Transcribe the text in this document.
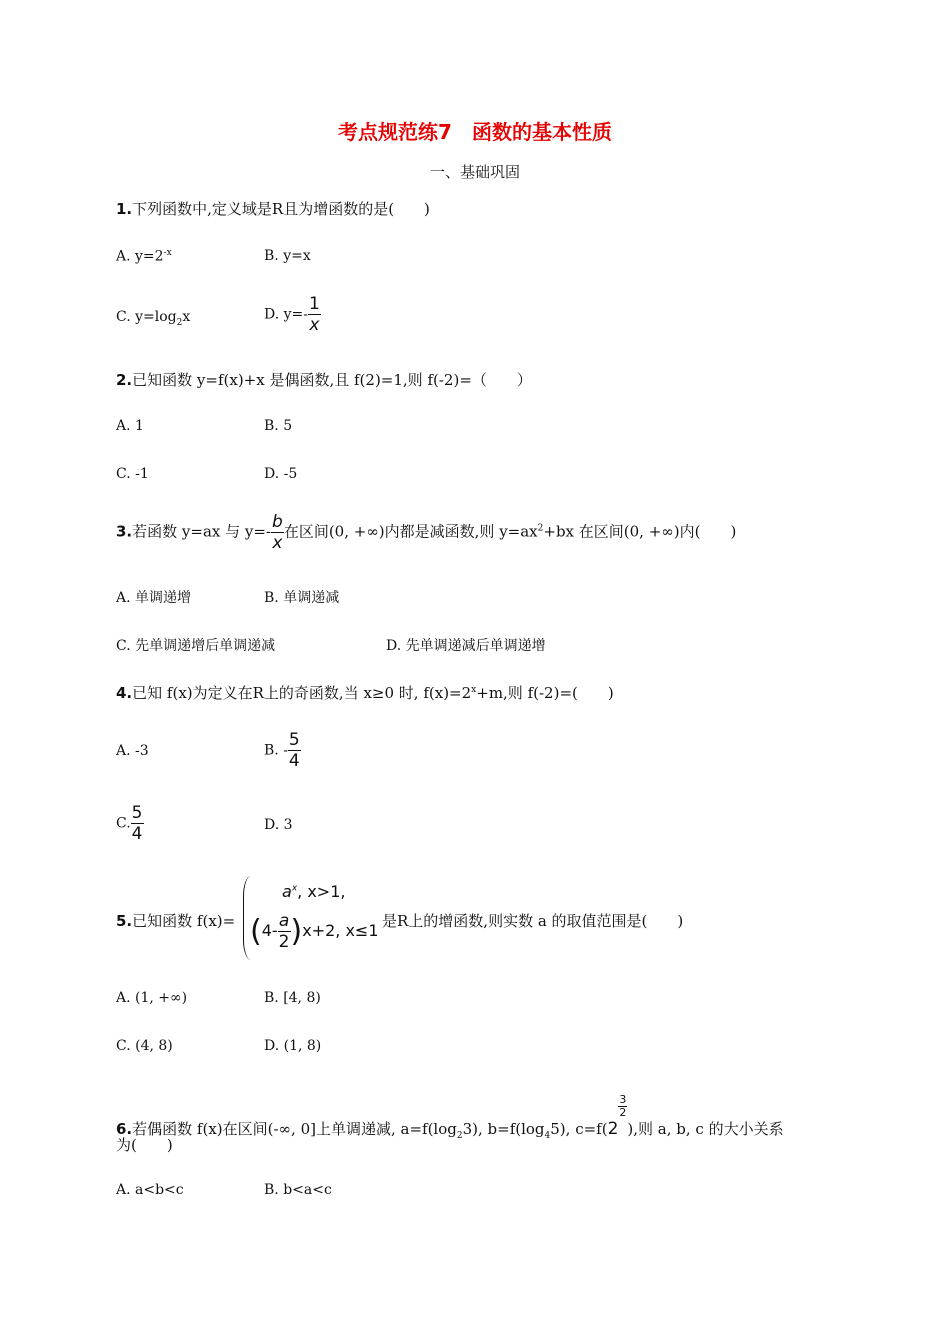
考点规范练7　函数的基本性质
一、基础巩固
1.下列函数中,定义域是R且为增函数的是(　　)
A. $y=2^{-x}$	B. y=x
C. $y=\log_2x$	D. $y=- \frac{1}{x}$
2.已知函数 y=f(x)+x 是偶函数,且 f(2)=1,则 f(-2)=（　　）
A. 1	B. 5
C. -1	D. -5
3.若函数 y=ax 与 $y=- \frac{b}{x}$ 在区间(0, +∞)内都是减函数,则 $y=ax^2+bx$ 在区间(0, +∞)内(　　)
A. 单调递增	B. 单调递减
C. 先单调递增后单调递减	D. 先单调递减后单调递增
4.已知 f(x)为定义在R上的奇函数,当 x≥0 时, $f(x)=2^x+m$,则 f(-2)=(　　)
A. -3	B. - $\frac{5}{4}$
C. $\frac{5}{4}$	D. 3
5.已知函数 f(x)=
$a^x$, x>1,
$(4- \frac{a}{2} )x+2$, x≤1 是R上的增函数,则实数 a 的取值范围是(　　)
A. (1, +∞)	B. [4, 8)
C. (4, 8)	D. (1, 8)
6.若偶函数 f(x)在区间(-∞, 0]上单调递减, $a=f(\log_23)$, $b=f(\log_45)$, c=f(2
$\frac{3}{2}$
),则 a, b, c 的大小关系
为(　　)
A. a<b<c	B. b<a<c
